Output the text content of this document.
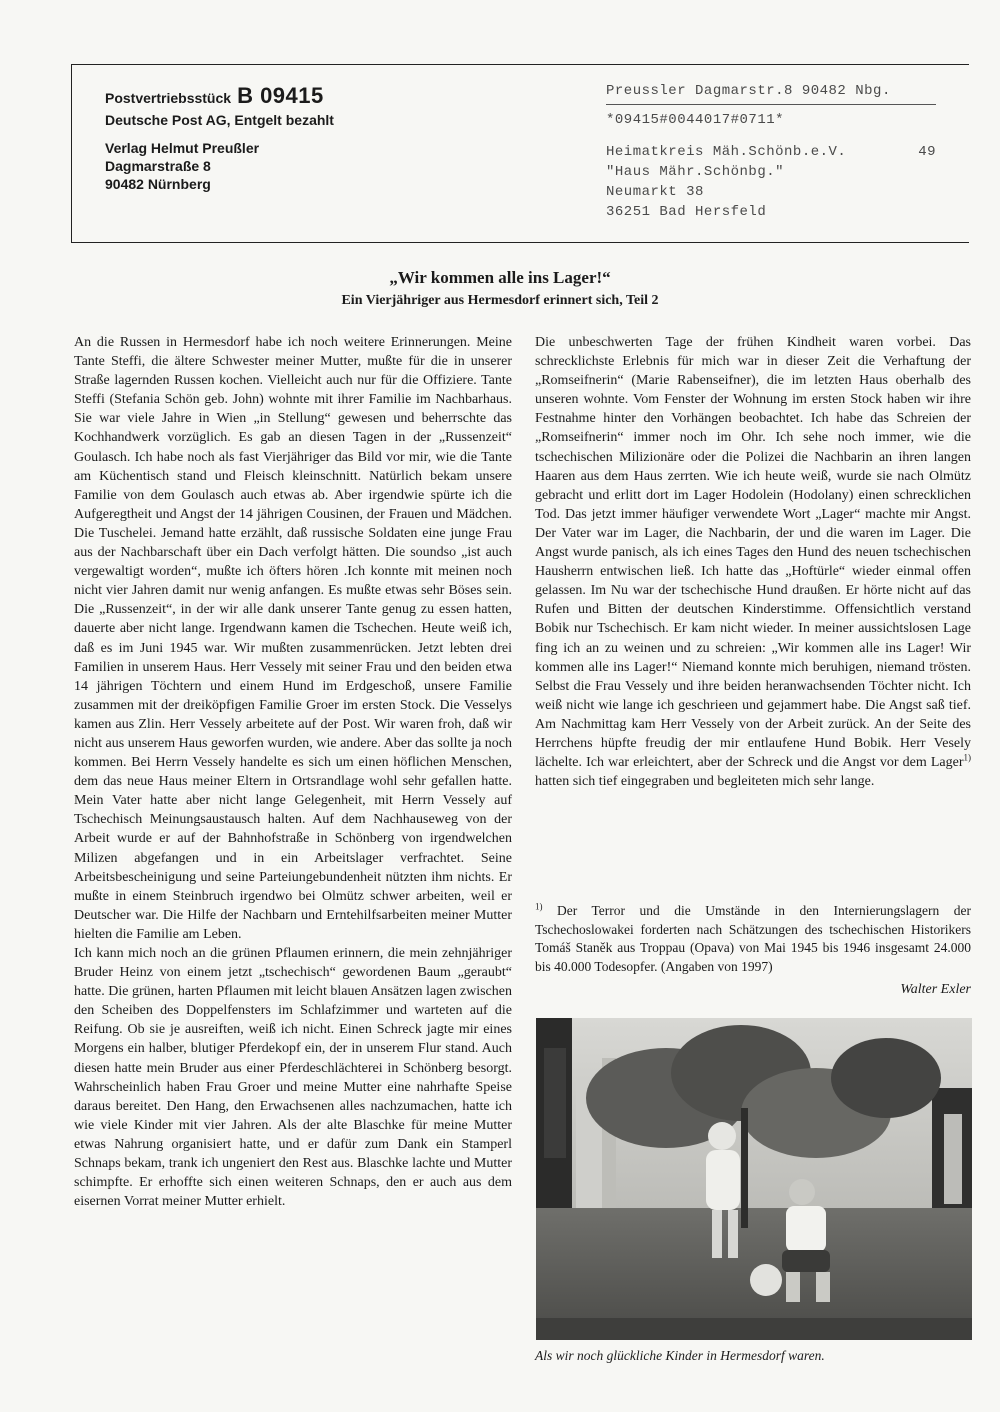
Postvertriebsstück B 09415
Deutsche Post AG, Entgelt bezahlt
Verlag Helmut Preußler
Dagmarstraße 8
90482 Nürnberg
Preussler Dagmarstr.8 90482 Nbg.
*09415#0044017#0711*
Heimatkreis Mäh.Schönb.e.V.	49
"Haus Mähr.Schönbg."
Neumarkt 38
36251 Bad Hersfeld
„Wir kommen alle ins Lager!“
Ein Vierjähriger aus Hermesdorf erinnert sich, Teil 2

An die Russen in Hermesdorf habe ich noch weitere Erinnerungen. Meine Tante Steffi, die ältere Schwester meiner Mutter, mußte für die in unserer Straße lagernden Russen kochen. Vielleicht auch nur für die Offiziere. Tante Steffi (Stefania Schön geb. John) wohnte mit ihrer Familie im Nachbarhaus. Sie war viele Jahre in Wien „in Stellung“ gewesen und beherrschte das Kochhandwerk vorzüglich. Es gab an diesen Tagen in der „Russenzeit“ Goulasch. Ich habe noch als fast Vierjähriger das Bild vor mir, wie die Tante am Küchentisch stand und Fleisch kleinschnitt. Natürlich bekam unsere Familie von dem Goulasch auch etwas ab. Aber irgendwie spürte ich die Aufgeregtheit und Angst der 14 jährigen Cousinen, der Frauen und Mädchen. Die Tuschelei. Jemand hatte erzählt, daß russische Soldaten eine junge Frau aus der Nachbarschaft über ein Dach verfolgt hätten. Die soundso „ist auch vergewaltigt worden“, mußte ich öfters hören .Ich konnte mit meinen noch nicht vier Jahren damit nur wenig anfangen. Es mußte etwas sehr Böses sein. Die „Russenzeit“, in der wir alle dank unserer Tante genug zu essen hatten, dauerte aber nicht lange. Irgendwann kamen die Tschechen. Heute weiß ich, daß es im Juni 1945 war. Wir mußten zusammenrücken. Jetzt lebten drei Familien in unserem Haus. Herr Vessely mit seiner Frau und den beiden etwa 14 jährigen Töchtern und einem Hund im Erdgeschoß, unsere Familie zusammen mit der dreiköpfigen Familie Groer im ersten Stock. Die Vesselys kamen aus Zlin. Herr Vessely arbeitete auf der Post. Wir waren froh, daß wir nicht aus unserem Haus geworfen wurden, wie andere. Aber das sollte ja noch kommen. Bei Herrn Vessely handelte es sich um einen höflichen Menschen, dem das neue Haus meiner Eltern in Ortsrandlage wohl sehr gefallen hatte. Mein Vater hatte aber nicht lange Gelegenheit, mit Herrn Vessely auf Tschechisch Meinungsaustausch halten. Auf dem Nachhauseweg von der Arbeit wurde er auf der Bahnhofstraße in Schönberg von irgendwelchen Milizen abgefangen und in ein Arbeitslager verfrachtet. Seine Arbeitsbescheinigung und seine Parteiungebundenheit nützten ihm nichts. Er mußte in einem Steinbruch irgendwo bei Olmütz schwer arbeiten, weil er Deutscher war. Die Hilfe der Nachbarn und Erntehilfsarbeiten meiner Mutter hielten die Familie am Leben.

Ich kann mich noch an die grünen Pflaumen erinnern, die mein zehnjähriger Bruder Heinz von einem jetzt „tschechisch“ gewordenen Baum „geraubt“ hatte. Die grünen, harten Pflaumen mit leicht blauen Ansätzen lagen zwischen den Scheiben des Doppelfensters im Schlafzimmer und warteten auf die Reifung. Ob sie je ausreiften, weiß ich nicht. Einen Schreck jagte mir eines Morgens ein halber, blutiger Pferdekopf ein, der in unserem Flur stand. Auch diesen hatte mein Bruder aus einer Pferdeschlächterei in Schönberg besorgt. Wahrscheinlich haben Frau Groer und meine Mutter eine nahrhafte Speise daraus bereitet. Den Hang, den Erwachsenen alles nachzumachen, hatte ich wie viele Kinder mit vier Jahren. Als der alte Blaschke für meine Mutter etwas Nahrung organisiert hatte, und er dafür zum Dank ein Stamperl Schnaps bekam, trank ich ungeniert den Rest aus. Blaschke lachte und Mutter schimpfte. Er erhoffte sich einen weiteren Schnaps, den er auch aus dem eisernen Vorrat meiner Mutter erhielt.

Die unbeschwerten Tage der frühen Kindheit waren vorbei. Das schrecklichste Erlebnis für mich war in dieser Zeit die Verhaftung der „Romseifnerin“ (Marie Rabenseifner), die im letzten Haus oberhalb des unseren wohnte. Vom Fenster der Wohnung im ersten Stock haben wir ihre Festnahme hinter den Vorhängen beobachtet. Ich habe das Schreien der „Romseifnerin“ immer noch im Ohr. Ich sehe noch immer, wie die tschechischen Milizionäre oder die Polizei die Nachbarin an ihren langen Haaren aus dem Haus zerrten. Wie ich heute weiß, wurde sie nach Olmütz gebracht und erlitt dort im Lager Hodolein (Hodolany) einen schrecklichen Tod. Das jetzt immer häufiger verwendete Wort „Lager“ machte mir Angst. Der Vater war im Lager, die Nachbarin, der und die waren im Lager. Die Angst wurde panisch, als ich eines Tages den Hund des neuen tschechischen Hausherrn entwischen ließ. Ich hatte das „Hoftürle“ wieder einmal offen gelassen. Im Nu war der tschechische Hund draußen. Er hörte nicht auf das Rufen und Bitten der deutschen Kinderstimme. Offensichtlich verstand Bobik nur Tschechisch. Er kam nicht wieder. In meiner aussichtslosen Lage fing ich an zu weinen und zu schreien: „Wir kommen alle ins Lager! Wir kommen alle ins Lager!“ Niemand konnte mich beruhigen, niemand trösten. Selbst die Frau Vessely und ihre beiden heranwachsenden Töchter nicht. Ich weiß nicht wie lange ich geschrieen und gejammert habe. Die Angst saß tief. Am Nachmittag kam Herr Vessely von der Arbeit zurück. An der Seite des Herrchens hüpfte freudig der mir entlaufene Hund Bobik. Herr Vesely lächelte. Ich war erleichtert, aber der Schreck und die Angst vor dem Lager$^{1)}$ hatten sich tief eingegraben und begleiteten mich sehr lange.

$^{1)}$ Der Terror und die Umstände in den Internierungslagern der Tschechoslowakei forderten nach Schätzungen des tschechischen Historikers Tomáš Staněk aus Troppau (Opava) von Mai 1945 bis 1946 insgesamt 24.000 bis 40.000 Todesopfer. (Angaben von 1997)
Walter Exler
Als wir noch glückliche Kinder in Hermesdorf waren.
